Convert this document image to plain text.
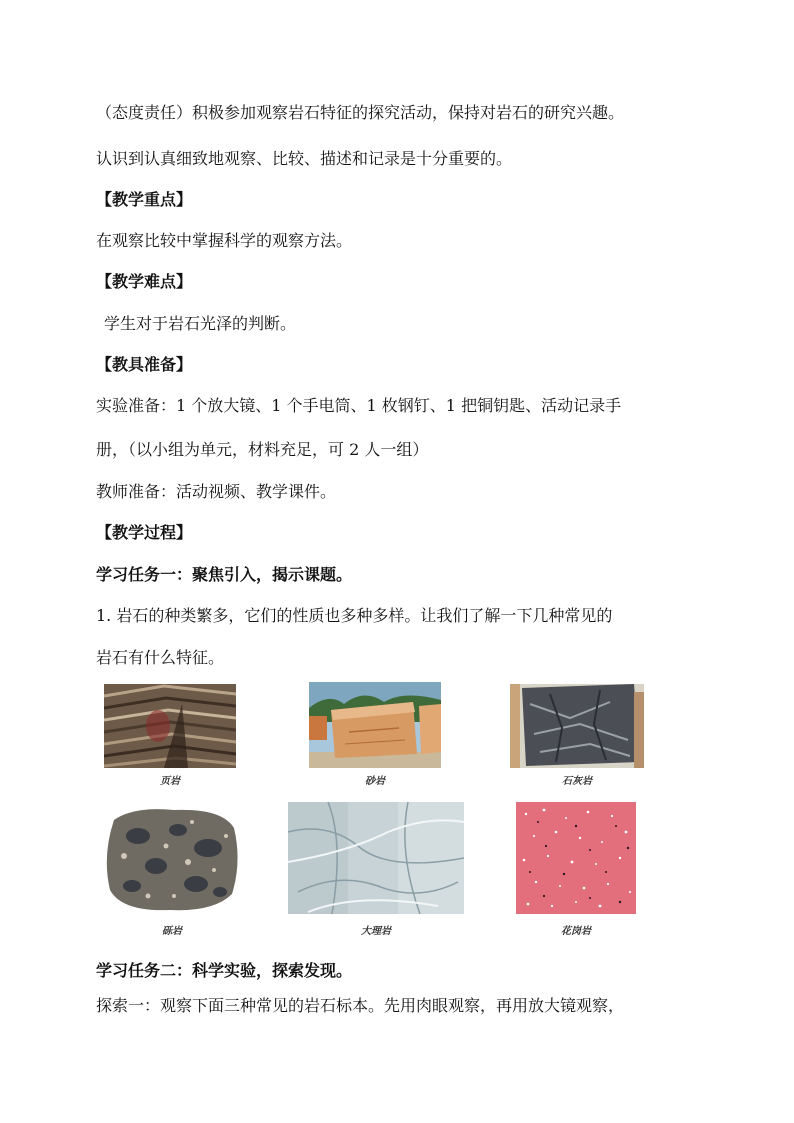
（态度责任）积极参加观察岩石特征的探究活动，保持对岩石的研究兴趣。
认识到认真细致地观察、比较、描述和记录是十分重要的。
【教学重点】
在观察比较中掌握科学的观察方法。
【教学难点】
学生对于岩石光泽的判断。
【教具准备】
实验准备：1 个放大镜、1 个手电筒、1 枚钢钉、1 把铜钥匙、活动记录手
册，（以小组为单元，材料充足，可 2 人一组）
教师准备：活动视频、教学课件。
【教学过程】
学习任务一：聚焦引入，揭示课题。
1. 岩石的种类繁多，它们的性质也多种多样。让我们了解一下几种常见的
岩石有什么特征。
页岩	砂岩	石灰岩
砾岩	大理岩	花岗岩
学习任务二：科学实验，探索发现。
探索一：观察下面三种常见的岩石标本。先用肉眼观察，再用放大镜观察，
